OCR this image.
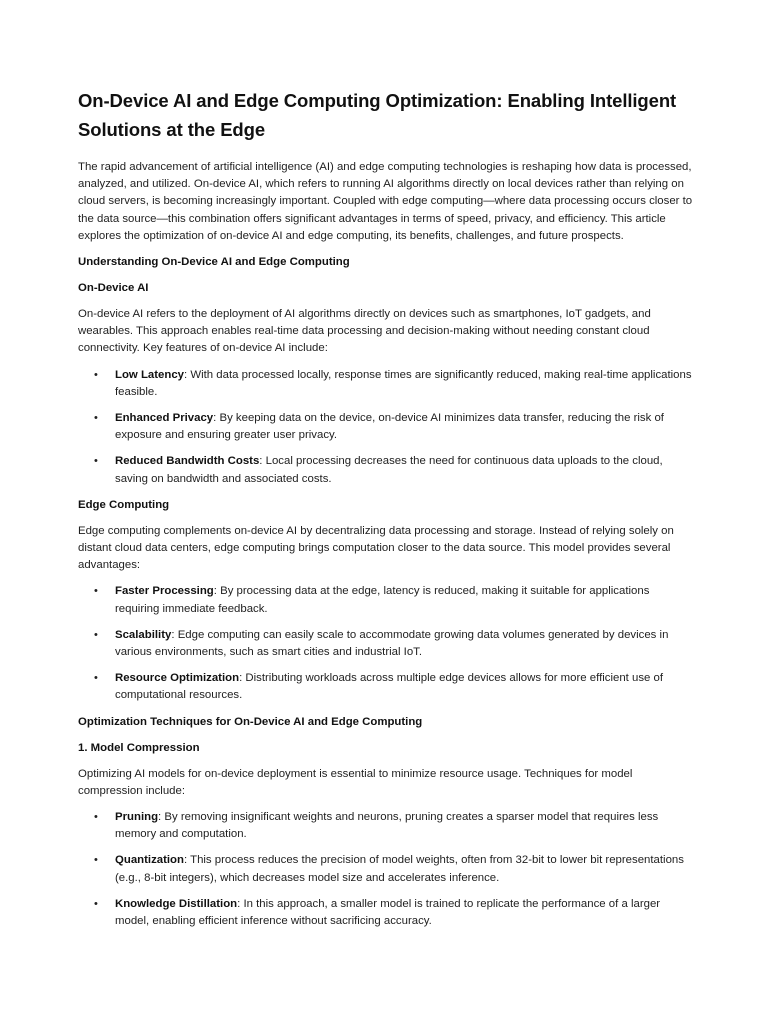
On-Device AI and Edge Computing Optimization: Enabling Intelligent Solutions at the Edge

The rapid advancement of artificial intelligence (AI) and edge computing technologies is reshaping how data is processed, analyzed, and utilized. On-device AI, which refers to running AI algorithms directly on local devices rather than relying on cloud servers, is becoming increasingly important. Coupled with edge computing—where data processing occurs closer to the data source—this combination offers significant advantages in terms of speed, privacy, and efficiency. This article explores the optimization of on-device AI and edge computing, its benefits, challenges, and future prospects.

Understanding On-Device AI and Edge Computing
On-Device AI

On-device AI refers to the deployment of AI algorithms directly on devices such as smartphones, IoT gadgets, and wearables. This approach enables real-time data processing and decision-making without needing constant cloud connectivity. Key features of on-device AI include:

• Low Latency: With data processed locally, response times are significantly reduced, making real-time applications feasible.
• Enhanced Privacy: By keeping data on the device, on-device AI minimizes data transfer, reducing the risk of exposure and ensuring greater user privacy.
• Reduced Bandwidth Costs: Local processing decreases the need for continuous data uploads to the cloud, saving on bandwidth and associated costs.
Edge Computing

Edge computing complements on-device AI by decentralizing data processing and storage. Instead of relying solely on distant cloud data centers, edge computing brings computation closer to the data source. This model provides several advantages:

• Faster Processing: By processing data at the edge, latency is reduced, making it suitable for applications requiring immediate feedback.
• Scalability: Edge computing can easily scale to accommodate growing data volumes generated by devices in various environments, such as smart cities and industrial IoT.
• Resource Optimization: Distributing workloads across multiple edge devices allows for more efficient use of computational resources.
Optimization Techniques for On-Device AI and Edge Computing
1. Model Compression

Optimizing AI models for on-device deployment is essential to minimize resource usage. Techniques for model compression include:

• Pruning: By removing insignificant weights and neurons, pruning creates a sparser model that requires less memory and computation.
• Quantization: This process reduces the precision of model weights, often from 32-bit to lower bit representations (e.g., 8-bit integers), which decreases model size and accelerates inference.
• Knowledge Distillation: In this approach, a smaller model is trained to replicate the performance of a larger model, enabling efficient inference without sacrificing accuracy.
